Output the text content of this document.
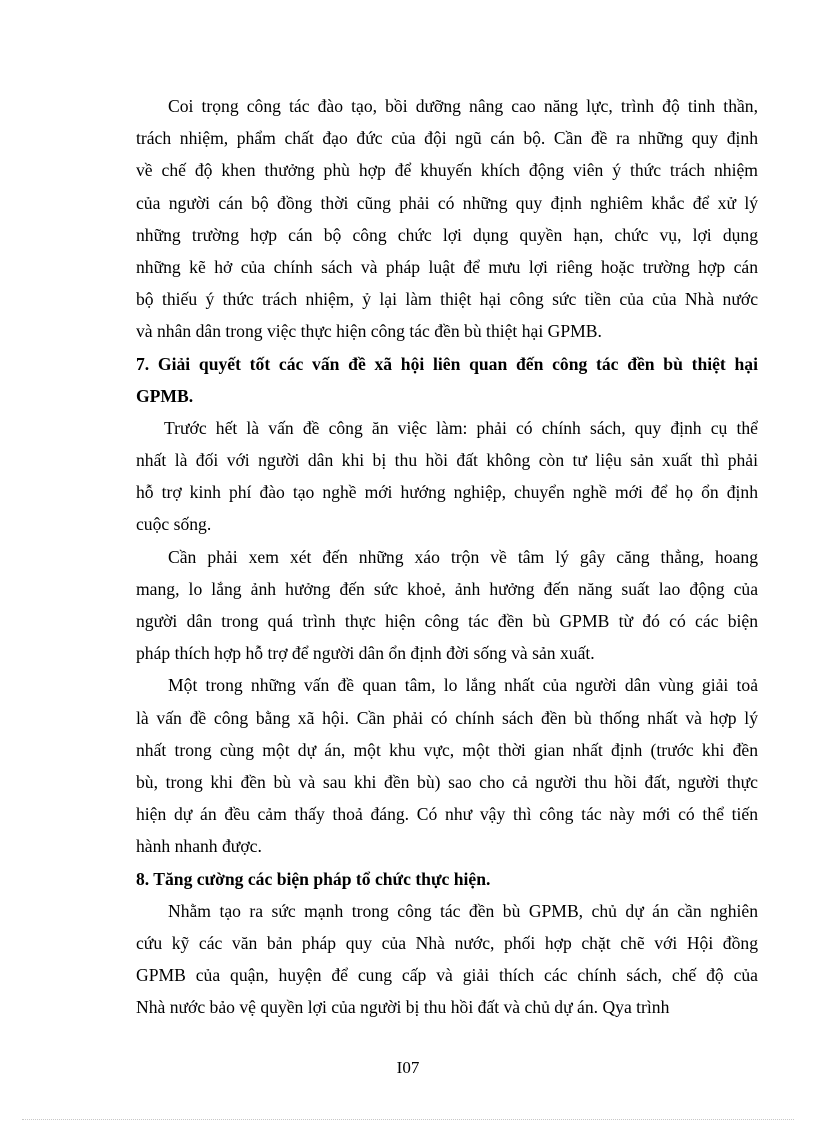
Coi trọng công tác đào tạo, bồi dưỡng nâng cao năng lực, trình độ tinh thần,
trách nhiệm, phẩm chất đạo đức của đội ngũ cán bộ. Cần đề ra những quy định
về chế độ khen thưởng phù hợp để khuyến khích động viên ý thức trách nhiệm
của người cán bộ đồng thời cũng phải có những quy định nghiêm khắc để xử lý
những trường hợp cán bộ công chức lợi dụng quyền hạn, chức vụ, lợi dụng
những kẽ hở của chính sách và pháp luật để mưu lợi riêng hoặc trường hợp cán
bộ thiếu ý thức trách nhiệm, ỷ lại làm thiệt hại công sức tiền của của Nhà nước
và nhân dân trong việc thực hiện công tác đền bù thiệt hại GPMB.
7. Giải quyết tốt các vấn đề xã hội liên quan đến công tác đền bù thiệt hại
GPMB.
Trước hết là vấn đề công ăn việc làm: phải có chính sách, quy định cụ thể
nhất là đối với người dân khi bị thu hồi đất không còn tư liệu sản xuất thì phải
hỗ trợ kinh phí đào tạo nghề mới hướng nghiệp, chuyển nghề mới để họ ổn định
cuộc sống.
Cần phải xem xét đến những xáo trộn về tâm lý gây căng thẳng, hoang
mang, lo lắng ảnh hưởng đến sức khoẻ, ảnh hưởng đến năng suất lao động của
người dân trong quá trình thực hiện công tác đền bù GPMB từ đó có các biện
pháp thích hợp hỗ trợ để người dân ổn định đời sống và sản xuất.
Một trong những vấn đề quan tâm, lo lắng nhất của người dân vùng giải toả
là vấn đề công bằng xã hội. Cần phải có chính sách đền bù thống nhất và hợp lý
nhất trong cùng một dự án, một khu vực, một thời gian nhất định (trước khi đền
bù, trong khi đền bù và sau khi đền bù) sao cho cả người thu hồi đất, người thực
hiện dự án đều cảm thấy thoả đáng. Có như vậy thì công tác này mới có thể tiến
hành nhanh được.
8. Tăng cường các biện pháp tổ chức thực hiện.
Nhằm tạo ra sức mạnh trong công tác đền bù GPMB, chủ dự án cần nghiên
cứu kỹ các văn bản pháp quy của Nhà nước, phối hợp chặt chẽ với Hội đồng
GPMB của quận, huyện để cung cấp và giải thích các chính sách, chế độ của
Nhà nước bảo vệ quyền lợi của người bị thu hồi đất và chủ dự án. Qya trình
I07
